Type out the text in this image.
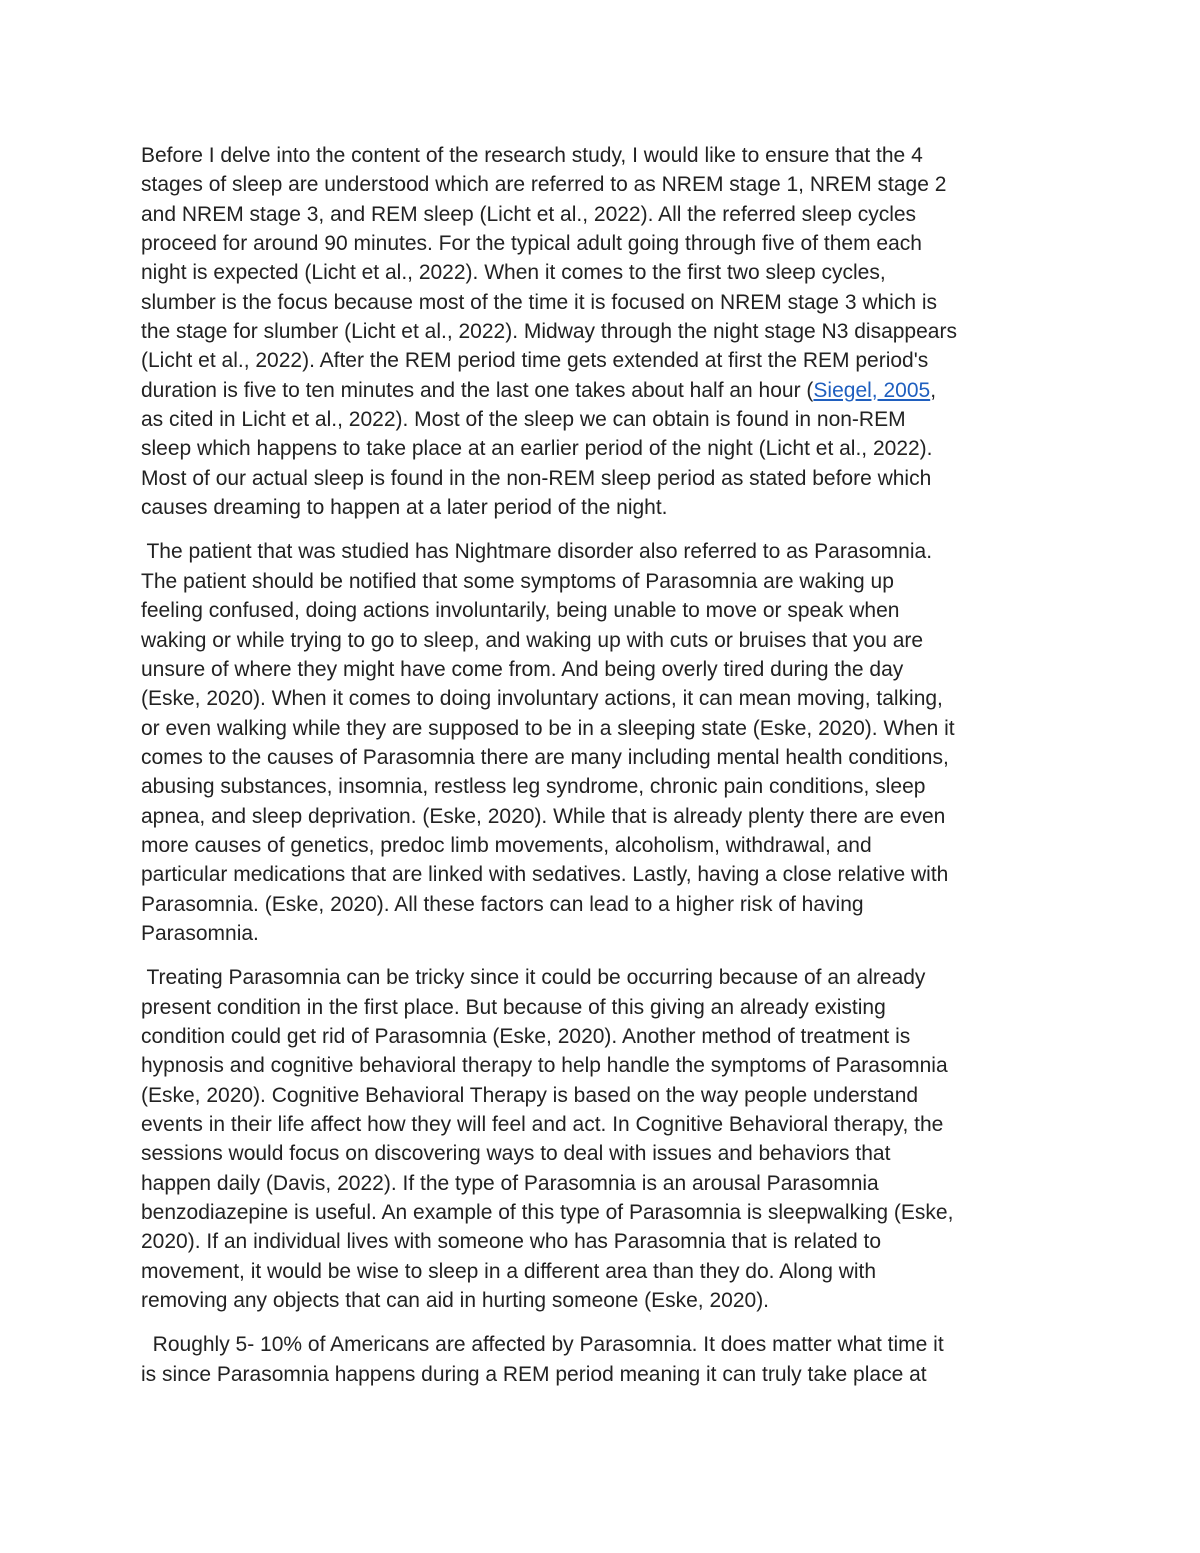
Before I delve into the content of the research study, I would like to ensure that the 4
stages of sleep are understood which are referred to as NREM stage 1, NREM stage 2
and NREM stage 3, and REM sleep (Licht et al., 2022). All the referred sleep cycles
proceed for around 90 minutes. For the typical adult going through five of them each
night is expected (Licht et al., 2022). When it comes to the first two sleep cycles,
slumber is the focus because most of the time it is focused on NREM stage 3 which is
the stage for slumber (Licht et al., 2022). Midway through the night stage N3 disappears
(Licht et al., 2022). After the REM period time gets extended at first the REM period's
duration is five to ten minutes and the last one takes about half an hour (Siegel, 2005,
as cited in Licht et al., 2022). Most of the sleep we can obtain is found in non-REM
sleep which happens to take place at an earlier period of the night (Licht et al., 2022).
Most of our actual sleep is found in the non-REM sleep period as stated before which
causes dreaming to happen at a later period of the night.
The patient that was studied has Nightmare disorder also referred to as Parasomnia.
The patient should be notified that some symptoms of Parasomnia are waking up
feeling confused, doing actions involuntarily, being unable to move or speak when
waking or while trying to go to sleep, and waking up with cuts or bruises that you are
unsure of where they might have come from. And being overly tired during the day
(Eske, 2020). When it comes to doing involuntary actions, it can mean moving, talking,
or even walking while they are supposed to be in a sleeping state (Eske, 2020). When it
comes to the causes of Parasomnia there are many including mental health conditions,
abusing substances, insomnia, restless leg syndrome, chronic pain conditions, sleep
apnea, and sleep deprivation. (Eske, 2020). While that is already plenty there are even
more causes of genetics, predoc limb movements, alcoholism, withdrawal, and
particular medications that are linked with sedatives. Lastly, having a close relative with
Parasomnia. (Eske, 2020). All these factors can lead to a higher risk of having
Parasomnia.
Treating Parasomnia can be tricky since it could be occurring because of an already
present condition in the first place. But because of this giving an already existing
condition could get rid of Parasomnia (Eske, 2020). Another method of treatment is
hypnosis and cognitive behavioral therapy to help handle the symptoms of Parasomnia
(Eske, 2020). Cognitive Behavioral Therapy is based on the way people understand
events in their life affect how they will feel and act. In Cognitive Behavioral therapy, the
sessions would focus on discovering ways to deal with issues and behaviors that
happen daily (Davis, 2022). If the type of Parasomnia is an arousal Parasomnia
benzodiazepine is useful. An example of this type of Parasomnia is sleepwalking (Eske,
2020). If an individual lives with someone who has Parasomnia that is related to
movement, it would be wise to sleep in a different area than they do. Along with
removing any objects that can aid in hurting someone (Eske, 2020).
Roughly 5- 10% of Americans are affected by Parasomnia. It does matter what time it
is since Parasomnia happens during a REM period meaning it can truly take place at
